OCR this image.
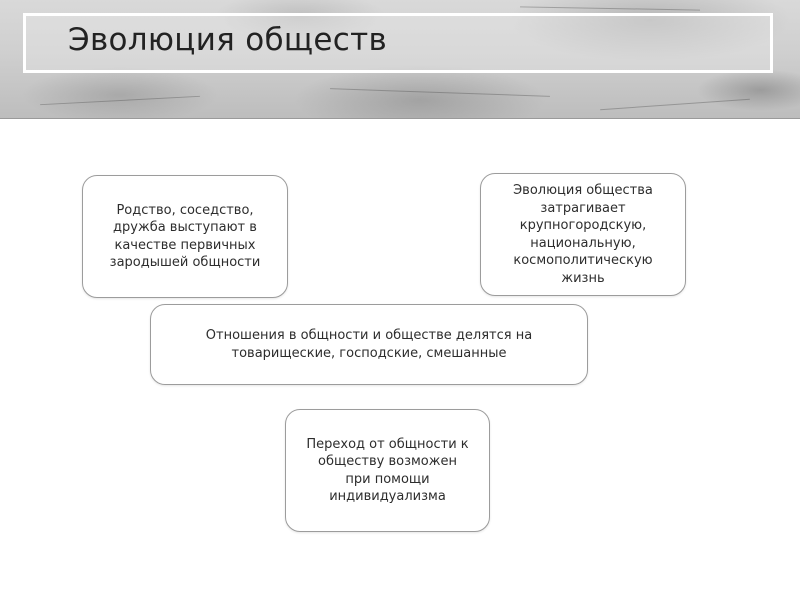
Эволюция обществ
Родство, соседство,
дружба выступают в
качестве первичных
зародышей общности
Эволюция общества
затрагивает
крупногородскую,
национальную,
космополитическую
жизнь
Отношения в общности и обществе делятся на
товарищеские, господские, смешанные
Переход от общности к
обществу возможен
при помощи
индивидуализма
